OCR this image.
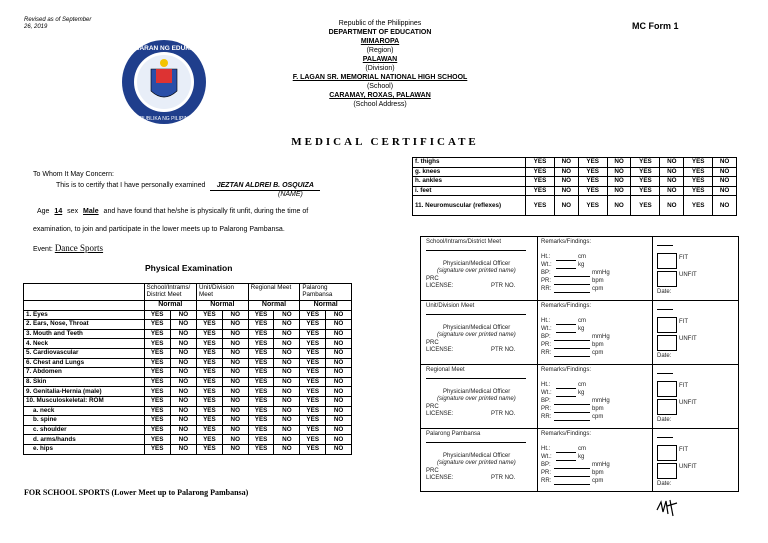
Revised as of September 26, 2019	MC Form 1
KAGAWARAN NG EDUKASYON
REPUBLIKA NG PILIPINAS
Republic of the Philippines
DEPARTMENT OF EDUCATION
MIMAROPA
(Region)
PALAWAN
(Division)
F. LAGAN SR. MEMORIAL NATIONAL HIGH SCHOOL
(School)
CARAMAY, ROXAS, PALAWAN
(School Address)
MEDICAL CERTIFICATE
To Whom It May Concern:
This is to certify that I have personally examined JEZTAN ALDREI B. OSQUIZA
(NAME)
Age 14 sex Male and have found that he/she is physically fit unfit, during the time of
examination, to join and participate in the lower meets up to Palarong Pambansa.
Event: Dance Sports
Physical Examination
	School/Intrams/ District Meet		Unit/Division Meet		Regional Meet		Palarong Pambansa	
	Normal		Normal		Normal		Normal	
1. Eyes	YES	NO	YES	NO	YES	NO	YES	NO
2. Ears, Nose, Throat	YES	NO	YES	NO	YES	NO	YES	NO
3. Mouth and Teeth	YES	NO	YES	NO	YES	NO	YES	NO
4. Neck	YES	NO	YES	NO	YES	NO	YES	NO
5. Cardiovascular	YES	NO	YES	NO	YES	NO	YES	NO
6. Chest and Lungs	YES	NO	YES	NO	YES	NO	YES	NO
7. Abdomen	YES	NO	YES	NO	YES	NO	YES	NO
8. Skin	YES	NO	YES	NO	YES	NO	YES	NO
9. Genitalia-Hernia (male)	YES	NO	YES	NO	YES	NO	YES	NO
10. Musculoskeletal: ROM	YES	NO	YES	NO	YES	NO	YES	NO
a. neck	YES	NO	YES	NO	YES	NO	YES	NO
b. spine	YES	NO	YES	NO	YES	NO	YES	NO
c. shoulder	YES	NO	YES	NO	YES	NO	YES	NO
d. arms/hands	YES	NO	YES	NO	YES	NO	YES	NO
e. hips	YES	NO	YES	NO	YES	NO	YES	NO
FOR SCHOOL SPORTS (Lower Meet up to Palarong Pambansa)
f. thighs	YES	NO	YES	NO	YES	NO	YES	NO
g. knees	YES	NO	YES	NO	YES	NO	YES	NO
h. ankles	YES	NO	YES	NO	YES	NO	YES	NO
i. feet	YES	NO	YES	NO	YES	NO	YES	NO
11. Neuromuscular (reflexes)	YES	NO	YES	NO	YES	NO	YES	NO
School/Intrams/District Meet
Physician/Medical Officer
(signature over printed name)
PRC
LICENSE:	PTR NO.
Remarks/Findings:
Ht.:	cm
Wt.:	kg
BP:	mmHg
PR:	bpm
RR:	cpm
FIT
UNFIT
Date:
Unit/Division Meet
Physician/Medical Officer
(signature over printed name)
PRC
LICENSE:	PTR NO.
Remarks/Findings:
Ht.:	cm
Wt.:	kg
BP:	mmHg
PR:	bpm
RR:	cpm
FIT
UNFIT
Date:
Regional Meet
Physician/Medical Officer
(signature over printed name)
PRC
LICENSE:	PTR NO.
Remarks/Findings:
Ht.:	cm
Wt.:	kg
BP:	mmHg
PR:	bpm
RR:	cpm
FIT
UNFIT
Date:
Palarong Pambansa
Physician/Medical Officer
(signature over printed name)
PRC
LICENSE:	PTR NO.
Remarks/Findings:
Ht.:	cm
Wt.:	kg
BP:	mmHg
PR:	bpm
RR:	cpm
FIT
UNFIT
Date:
